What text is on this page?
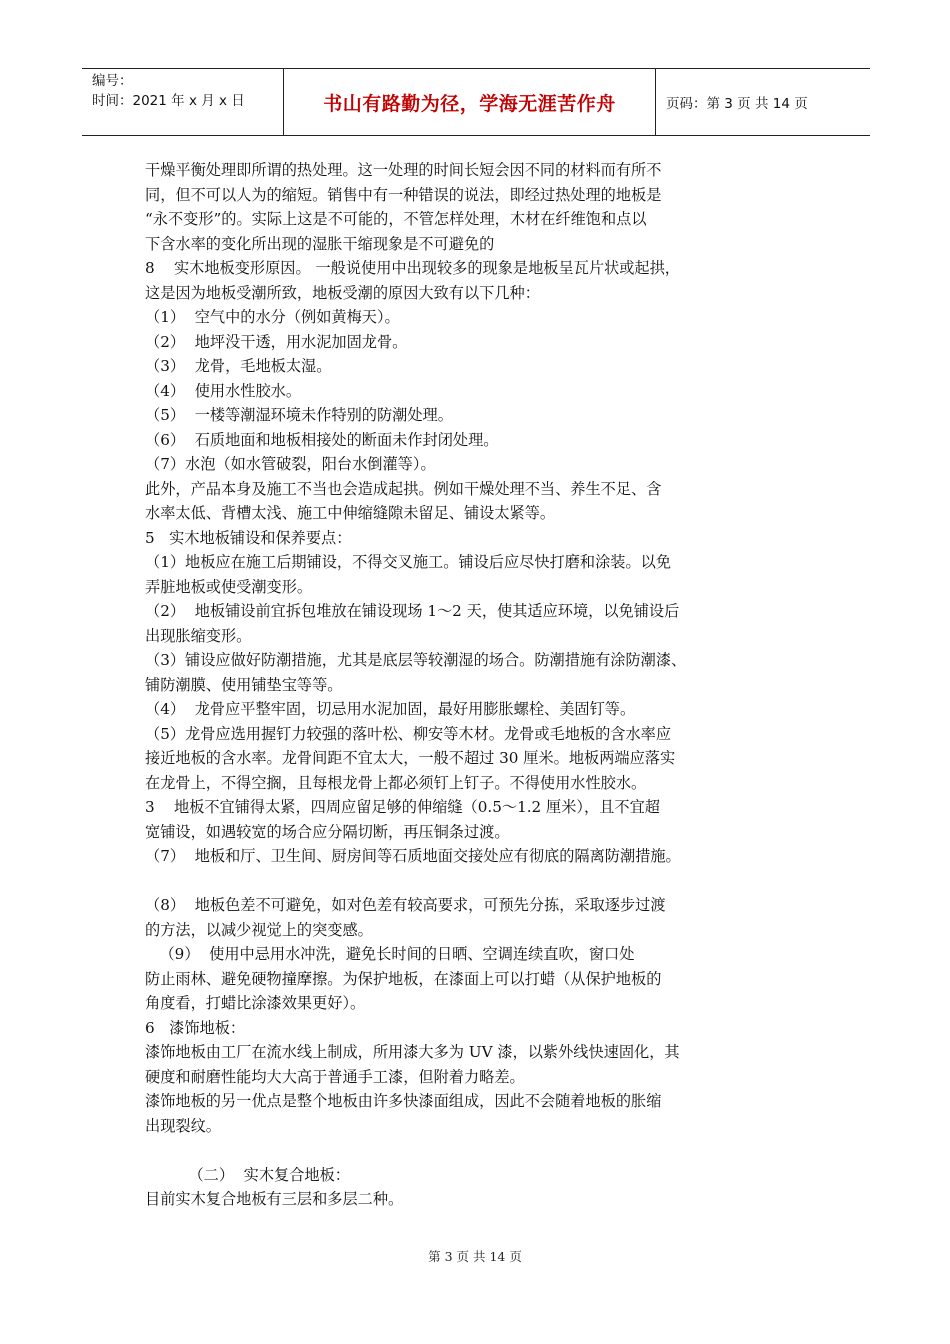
编号：
时间：2021 年 x 月 x 日	书山有路勤为径，学海无涯苦作舟	页码：第 3 页 共 14 页
干燥平衡处理即所谓的热处理。这一处理的时间长短会因不同的材料而有所不
同，但不可以人为的缩短。销售中有一种错误的说法，即经过热处理的地板是
“永不变形”的。实际上这是不可能的，不管怎样处理，木材在纤维饱和点以
下含水率的变化所出现的湿胀干缩现象是不可避免的
8    实木地板变形原因。 一般说使用中出现较多的现象是地板呈瓦片状或起拱，
这是因为地板受潮所致，地板受潮的原因大致有以下几种：
（1）  空气中的水分（例如黄梅天）。
（2）  地坪没干透，用水泥加固龙骨。
（3）  龙骨，毛地板太湿。
（4）  使用水性胶水。
（5）  一楼等潮湿环境未作特别的防潮处理。
（6）  石质地面和地板相接处的断面未作封闭处理。
（7）水泡（如水管破裂，阳台水倒灌等）。
此外，产品本身及施工不当也会造成起拱。例如干燥处理不当、养生不足、含
水率太低、背槽太浅、施工中伸缩缝隙未留足、铺设太紧等。
5   实木地板铺设和保养要点：
（1）地板应在施工后期铺设，不得交叉施工。铺设后应尽快打磨和涂装。以免
弄脏地板或使受潮变形。
（2）  地板铺设前宜拆包堆放在铺设现场 1～2 天，使其适应环境，以免铺设后
出现胀缩变形。
（3）铺设应做好防潮措施，尤其是底层等较潮湿的场合。防潮措施有涂防潮漆、
铺防潮膜、使用铺垫宝等等。
（4）  龙骨应平整牢固，切忌用水泥加固，最好用膨胀螺栓、美固钉等。
（5）龙骨应选用握钉力较强的落叶松、柳安等木材。龙骨或毛地板的含水率应
接近地板的含水率。龙骨间距不宜太大，一般不超过 30 厘米。地板两端应落实
在龙骨上，不得空搁，且每根龙骨上都必须钉上钉子。不得使用水性胶水。
3    地板不宜铺得太紧，四周应留足够的伸缩缝（0.5～1.2 厘米），且不宜超
宽铺设，如遇较宽的场合应分隔切断，再压铜条过渡。
（7）  地板和厅、卫生间、厨房间等石质地面交接处应有彻底的隔离防潮措施。
（8）  地板色差不可避免，如对色差有较高要求，可预先分拣，采取逐步过渡
的方法，以减少视觉上的突变感。
（9）  使用中忌用水冲洗，避免长时间的日晒、空调连续直吹，窗口处
防止雨林、避免硬物撞摩擦。为保护地板，在漆面上可以打蜡（从保护地板的
角度看，打蜡比涂漆效果更好）。
6   漆饰地板：
漆饰地板由工厂在流水线上制成，所用漆大多为 UV 漆，以紫外线快速固化，其
硬度和耐磨性能均大大高于普通手工漆，但附着力略差。
漆饰地板的另一优点是整个地板由许多快漆面组成，因此不会随着地板的胀缩
出现裂纹。
（二）  实木复合地板：
目前实木复合地板有三层和多层二种。
第 3 页 共 14 页
